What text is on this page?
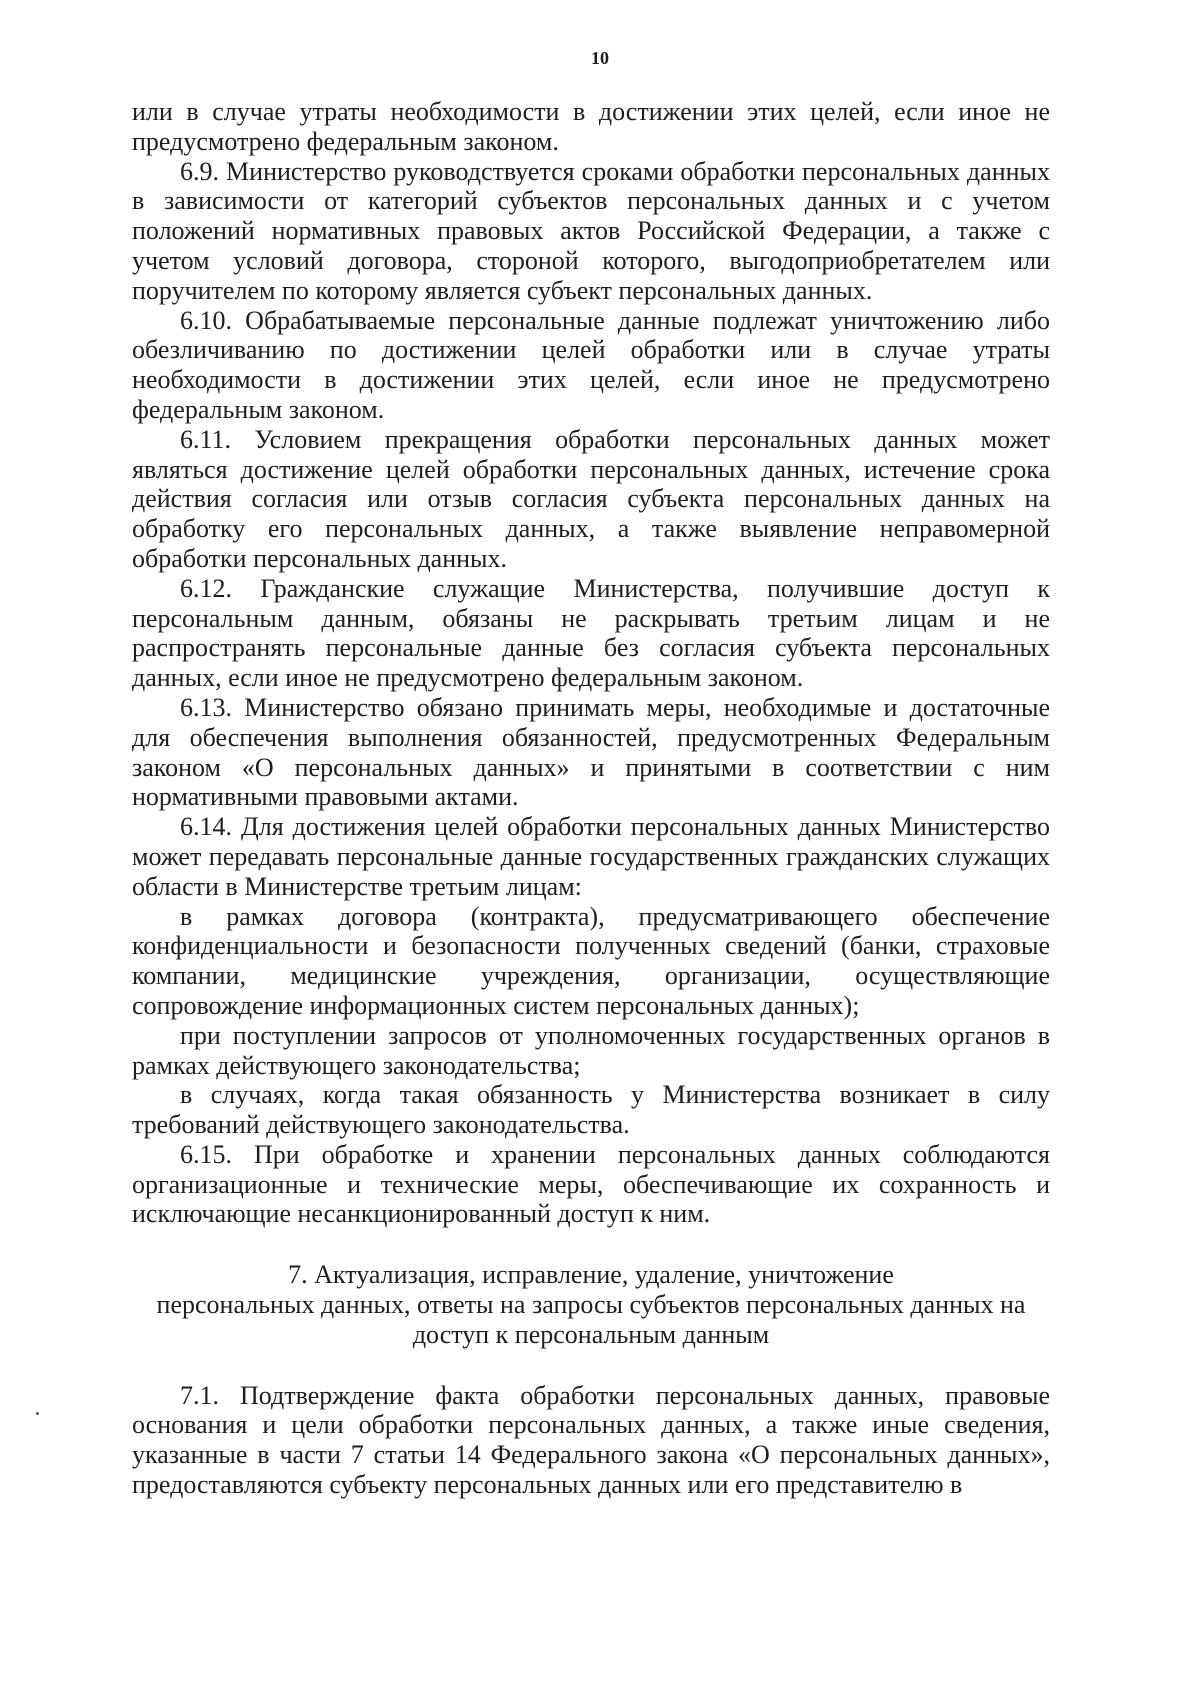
10

или в случае утраты необходимости в достижении этих целей, если иное не предусмотрено федеральным законом.

6.9. Министерство руководствуется сроками обработки персональных данных в зависимости от категорий субъектов персональных данных и с учетом положений нормативных правовых актов Российской Федерации, а также с учетом условий договора, стороной которого, выгодоприобретателем или поручителем по которому является субъект персональных данных.

6.10. Обрабатываемые персональные данные подлежат уничтожению либо обезличиванию по достижении целей обработки или в случае утраты необходимости в достижении этих целей, если иное не предусмотрено федеральным законом.

6.11. Условием прекращения обработки персональных данных может являться достижение целей обработки персональных данных, истечение срока действия согласия или отзыв согласия субъекта персональных данных на обработку его персональных данных, а также выявление неправомерной обработки персональных данных.

6.12. Гражданские служащие Министерства, получившие доступ к персональным данным, обязаны не раскрывать третьим лицам и не распространять персональные данные без согласия субъекта персональных данных, если иное не предусмотрено федеральным законом.

6.13. Министерство обязано принимать меры, необходимые и достаточные для обеспечения выполнения обязанностей, предусмотренных Федеральным законом «О персональных данных» и принятыми в соответствии с ним нормативными правовыми актами.

6.14. Для достижения целей обработки персональных данных Министерство может передавать персональные данные государственных гражданских служащих области в Министерстве третьим лицам:

в рамках договора (контракта), предусматривающего обеспечение конфиденциальности и безопасности полученных сведений (банки, страховые компании, медицинские учреждения, организации, осуществляющие сопровождение информационных систем персональных данных);

при поступлении запросов от уполномоченных государственных органов в рамках действующего законодательства;

в случаях, когда такая обязанность у Министерства возникает в силу требований действующего законодательства.

6.15. При обработке и хранении персональных данных соблюдаются организационные и технические меры, обеспечивающие их сохранность и исключающие несанкционированный доступ к ним.

7. Актуализация, исправление, удаление, уничтожение
персональных данных, ответы на запросы субъектов персональных данных на
доступ к персональным данным

7.1. Подтверждение факта обработки персональных данных, правовые основания и цели обработки персональных данных, а также иные сведения, указанные в части 7 статьи 14 Федерального закона «О персональных данных», предоставляются субъекту персональных данных или его представителю в
